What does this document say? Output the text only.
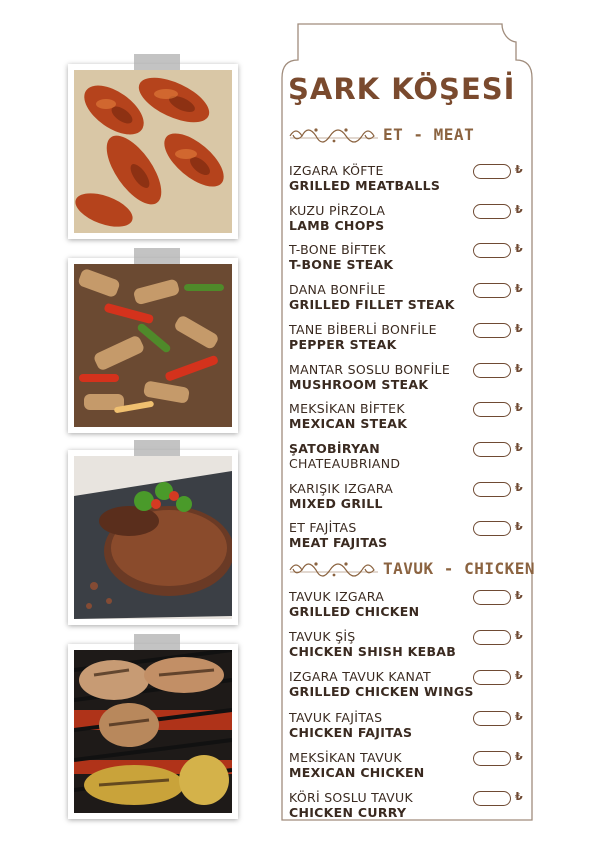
ŞARK KÖŞESİ
ET - MEAT
IZGARA KÖFTE
GRILLED MEATBALLS
₺
KUZU PİRZOLA
LAMB CHOPS
₺
T-BONE BİFTEK
T-BONE STEAK
₺
DANA BONFİLE
GRILLED FILLET STEAK
₺
TANE BİBERLİ BONFİLE
PEPPER STEAK
₺
MANTAR SOSLU BONFİLE
MUSHROOM STEAK
₺
MEKSİKAN BİFTEK
MEXICAN STEAK
₺
ŞATOBİRYAN
CHATEAUBRIAND
₺
KARIŞIK IZGARA
MIXED GRILL
₺
ET FAJİTAS
MEAT FAJITAS
₺
TAVUK - CHICKEN
TAVUK IZGARA
GRILLED CHICKEN
₺
TAVUK ŞİŞ
CHICKEN SHISH KEBAB
₺
IZGARA TAVUK KANAT
GRILLED CHICKEN WINGS
₺
TAVUK FAJİTAS
CHICKEN FAJITAS
₺
MEKSİKAN TAVUK
MEXICAN CHICKEN
₺
KÖRİ SOSLU TAVUK
CHICKEN CURRY
₺
